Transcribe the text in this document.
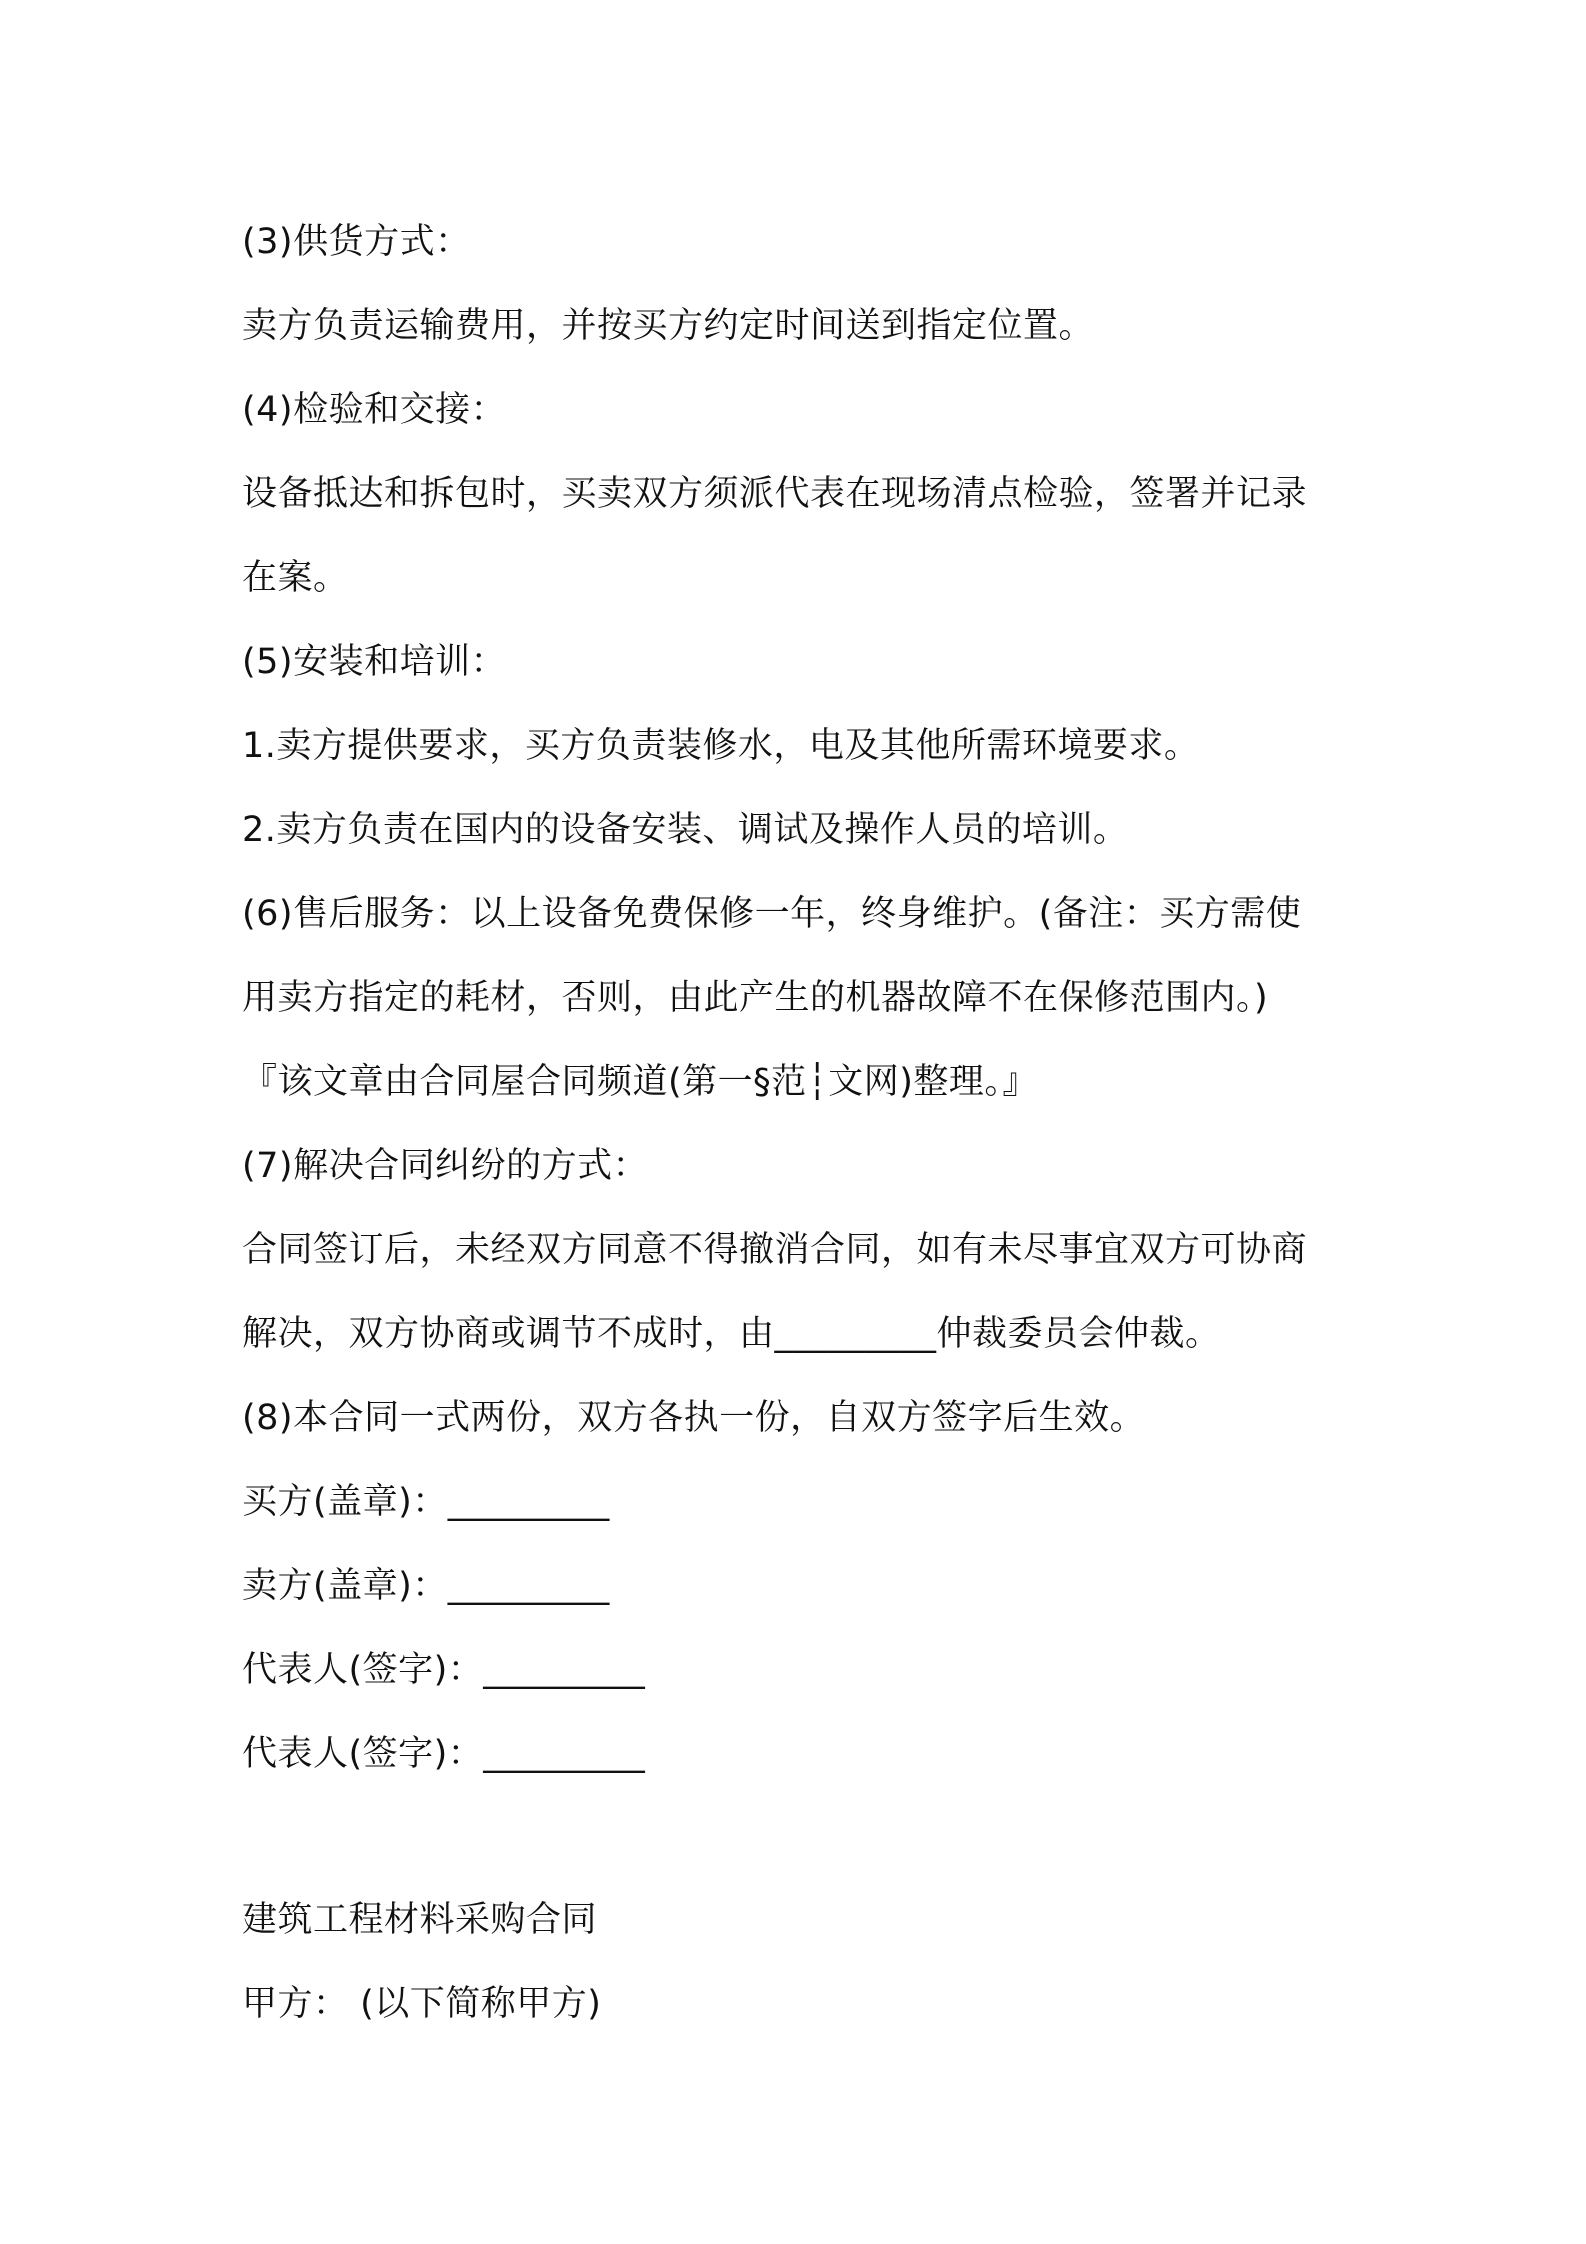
(3)供货方式：
卖方负责运输费用，并按买方约定时间送到指定位置。
(4)检验和交接：
设备抵达和拆包时，买卖双方须派代表在现场清点检验，签署并记录
在案。
(5)安装和培训：
1.卖方提供要求，买方负责装修水，电及其他所需环境要求。
2.卖方负责在国内的设备安装、调试及操作人员的培训。
(6)售后服务：以上设备免费保修一年，终身维护。(备注：买方需使
用卖方指定的耗材，否则，由此产生的机器故障不在保修范围内。)
『该文章由合同屋合同频道(第一§范┆文网)整理。』
(7)解决合同纠纷的方式：
合同签订后，未经双方同意不得撤消合同，如有未尽事宜双方可协商
解决，双方协商或调节不成时，由_________仲裁委员会仲裁。
(8)本合同一式两份，双方各执一份，自双方签字后生效。
买方(盖章)：_________
卖方(盖章)：_________
代表人(签字)：_________
代表人(签字)：_________
建筑工程材料采购合同
甲方： (以下简称甲方)
